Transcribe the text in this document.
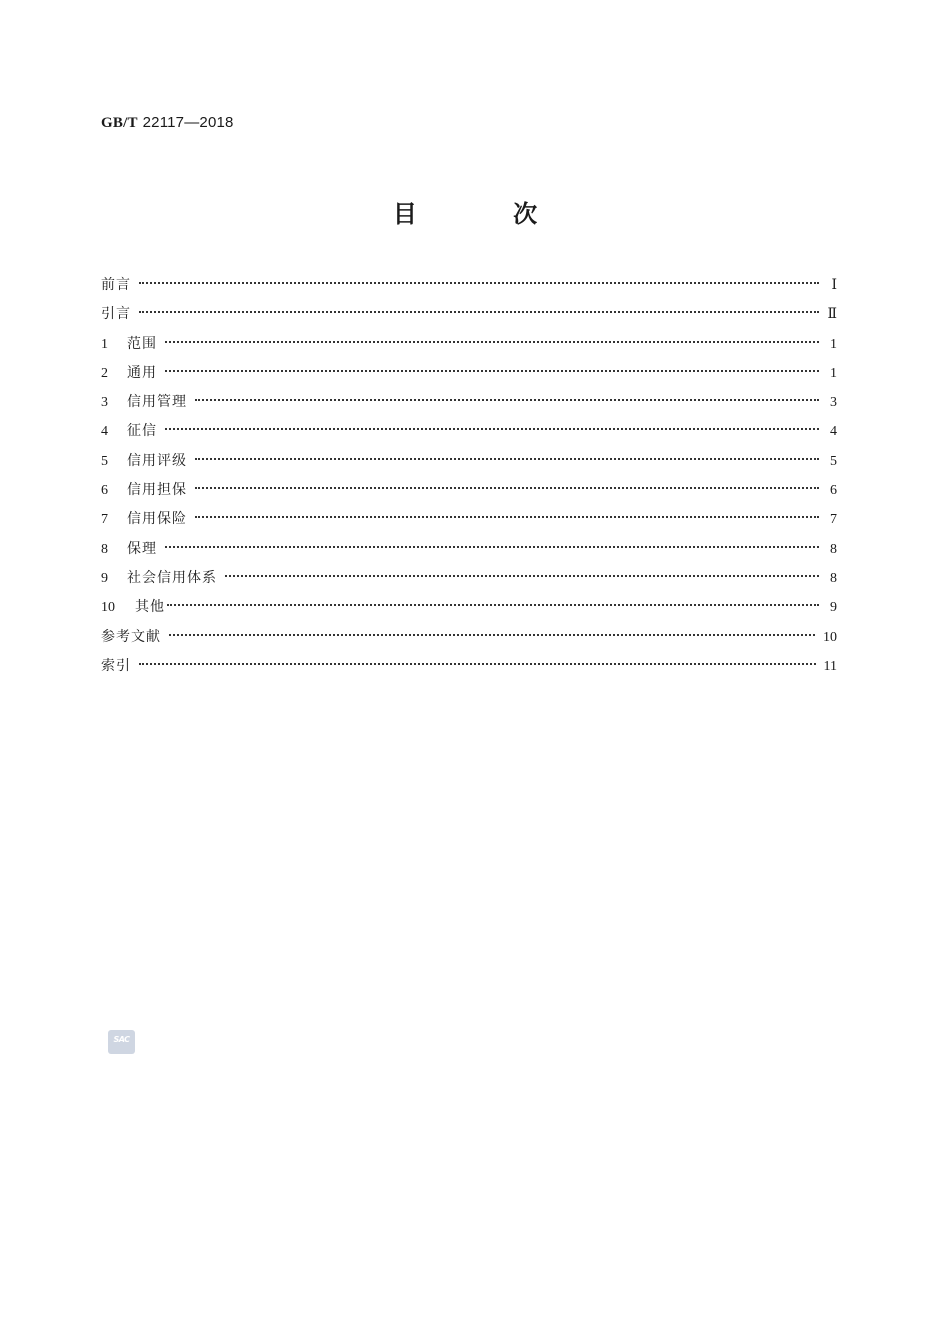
GB/T 22117—2018
目 次
前言	Ⅰ
引言	Ⅱ
1	范围	1
2	通用	1
3	信用管理	3
4	征信	4
5	信用评级	5
6	信用担保	6
7	信用保险	7
8	保理	8
9	社会信用体系	8
10	其他	9
参考文献	10
索引	11
SAC
